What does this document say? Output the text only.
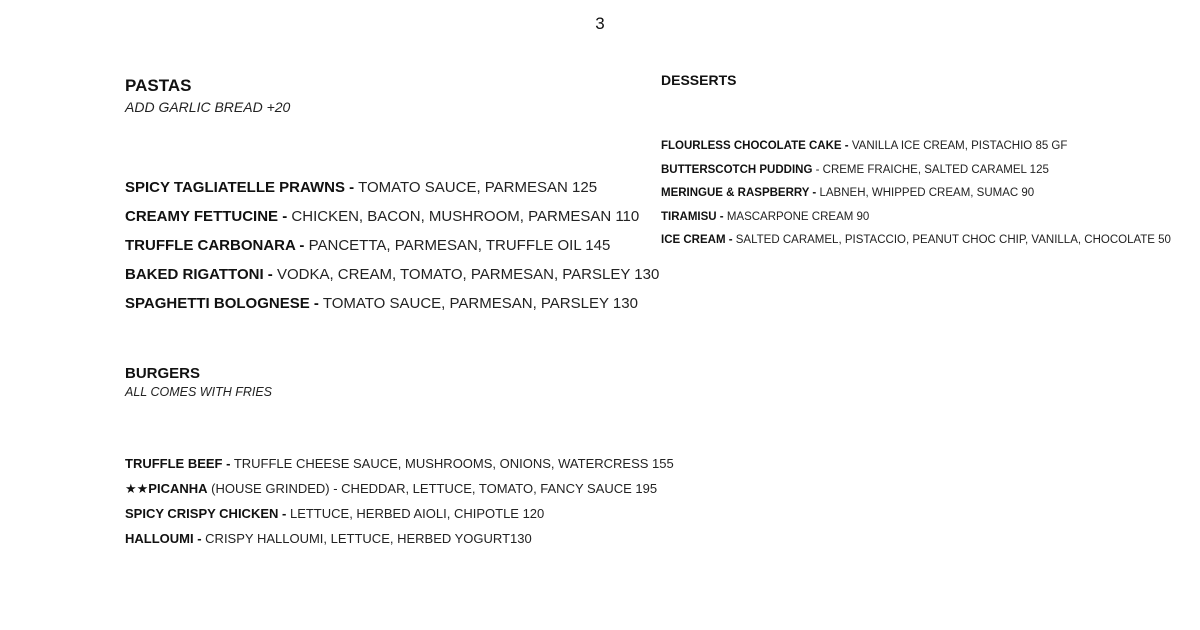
3
PASTAS
ADD GARLIC BREAD +20
SPICY TAGLIATELLE PRAWNS - TOMATO SAUCE, PARMESAN 125
CREAMY FETTUCINE - CHICKEN, BACON, MUSHROOM, PARMESAN 110
TRUFFLE CARBONARA - PANCETTA, PARMESAN, TRUFFLE OIL 145
BAKED RIGATTONI - VODKA, CREAM, TOMATO, PARMESAN, PARSLEY 130
SPAGHETTI BOLOGNESE - TOMATO SAUCE, PARMESAN, PARSLEY 130
BURGERS
ALL COMES WITH FRIES
TRUFFLE BEEF - TRUFFLE CHEESE SAUCE, MUSHROOMS, ONIONS, WATERCRESS 155
★★PICANHA (HOUSE GRINDED) - CHEDDAR, LETTUCE, TOMATO, FANCY SAUCE 195
SPICY CRISPY CHICKEN - LETTUCE, HERBED AIOLI, CHIPOTLE 120
HALLOUMI - CRISPY HALLOUMI, LETTUCE, HERBED YOGURT130
DESSERTS
FLOURLESS CHOCOLATE CAKE - VANILLA ICE CREAM, PISTACHIO 85 GF
BUTTERSCOTCH PUDDING - CREME FRAICHE, SALTED CARAMEL 125
MERINGUE & RASPBERRY - LABNEH, WHIPPED CREAM, SUMAC 90
TIRAMISU - MASCARPONE CREAM 90
ICE CREAM - SALTED CARAMEL, PISTACCIO, PEANUT CHOC CHIP, VANILLA, CHOCOLATE 50
